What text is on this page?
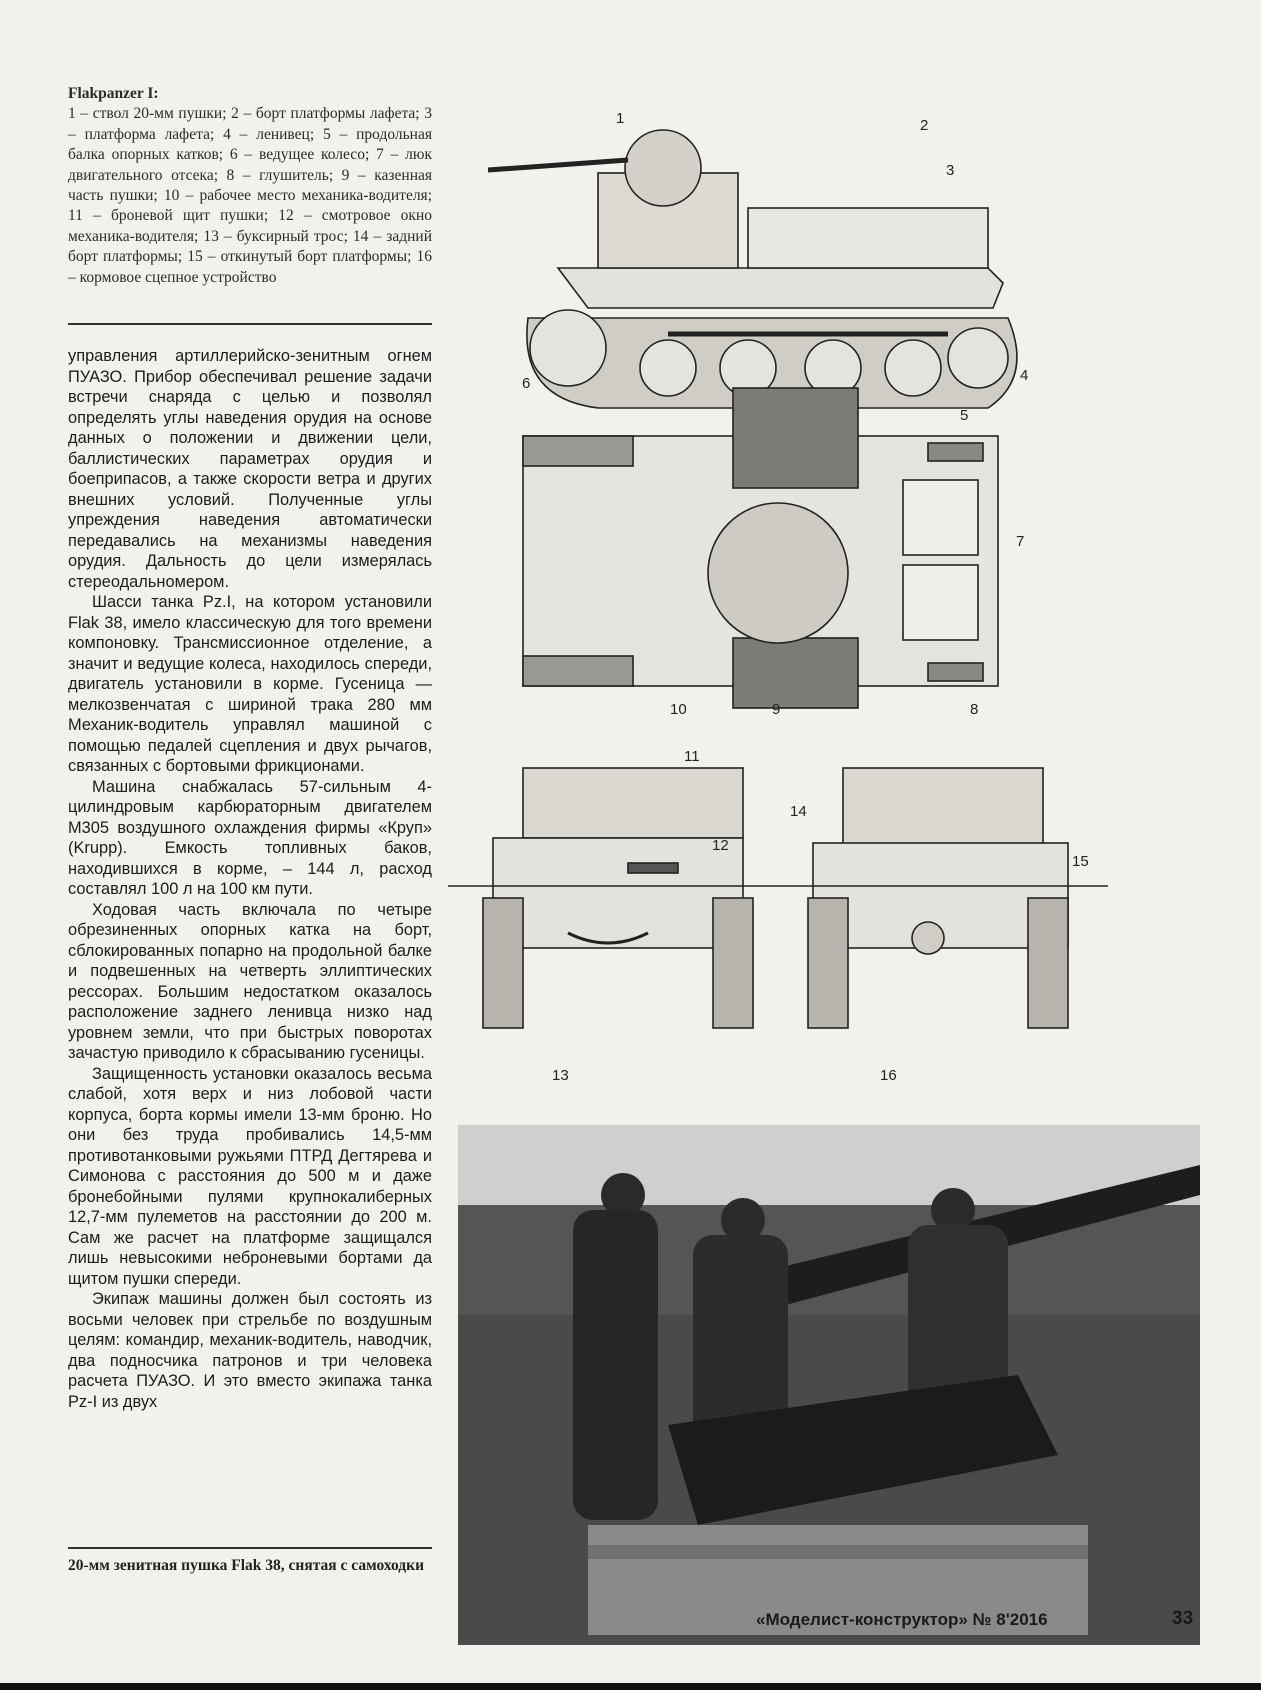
Flakpanzer I:
1 – ствол 20-мм пушки; 2 – борт платформы лафета; 3 – платформа лафета; 4 – ленивец; 5 – продольная балка опорных катков; 6 – ведущее колесо; 7 – люк двигательного отсека; 8 – глушитель; 9 – казенная часть пушки; 10 – рабочее место механика-водителя; 11 – броневой щит пушки; 12 – смотровое окно механика-водителя; 13 – буксирный трос; 14 – задний борт платформы; 15 – откинутый борт платформы; 16 – кормовое сцепное устройство

управления артиллерийско-зенитным огнем ПУАЗО. Прибор обеспечивал решение задачи встречи снаряда с целью и позволял определять углы наведения орудия на основе данных о положении и движении цели, баллистических параметрах орудия и боеприпасов, а также скорости ветра и других внешних условий. Полученные углы упреждения наведения автоматически передавались на механизмы наведения орудия. Дальность до цели измерялась стереодальномером.

Шасси танка Pz.I, на котором установили Flak 38, имело классическую для того времени компоновку. Трансмиссионное отделение, а значит и ведущие колеса, находилось спереди, двигатель установили в корме. Гусеница — мелкозвенчатая с шириной трака 280 мм Механик-водитель управлял машиной с помощью педалей сцепления и двух рычагов, связанных с бортовыми фрикционами.

Машина снабжалась 57-сильным 4-цилиндровым карбюраторным двигателем М305 воздушного охлаждения фирмы «Круп» (Krupp). Емкость топливных баков, находившихся в корме, – 144 л, расход составлял 100 л на 100 км пути.

Ходовая часть включала по четыре обрезиненных опорных катка на борт, сблокированных попарно на продольной балке и подвешенных на четверть эллиптических рессорах. Большим недостатком оказалось расположение заднего ленивца низко над уровнем земли, что при быстрых поворотах зачастую приводило к сбрасыванию гусеницы.

Защищенность установки оказалось весьма слабой, хотя верх и низ лобовой части корпуса, борта кормы имели 13-мм броню. Но они без труда пробивались 14,5-мм противотанковыми ружьями ПТРД Дегтярева и Симонова с расстояния до 500 м и даже бронебойными пулями крупнокалиберных 12,7-мм пулеметов на расстоянии до 200 м. Сам же расчет на платформе защищался лишь невысокими неброневыми бортами да щитом пушки спереди.

Экипаж машины должен был состоять из восьми человек при стрельбе по воздушным целям: командир, механик-водитель, наводчик, два подносчика патронов и три человека расчета ПУАЗО. И это вместо экипажа танка Pz-I из двух

20-мм зенитная пушка Flak 38, снятая с самоходки
1	2
3
4
5
6
7
8
9
10
11
12
13
14
15
16
«Моделист-конструктор» № 8'2016	33
